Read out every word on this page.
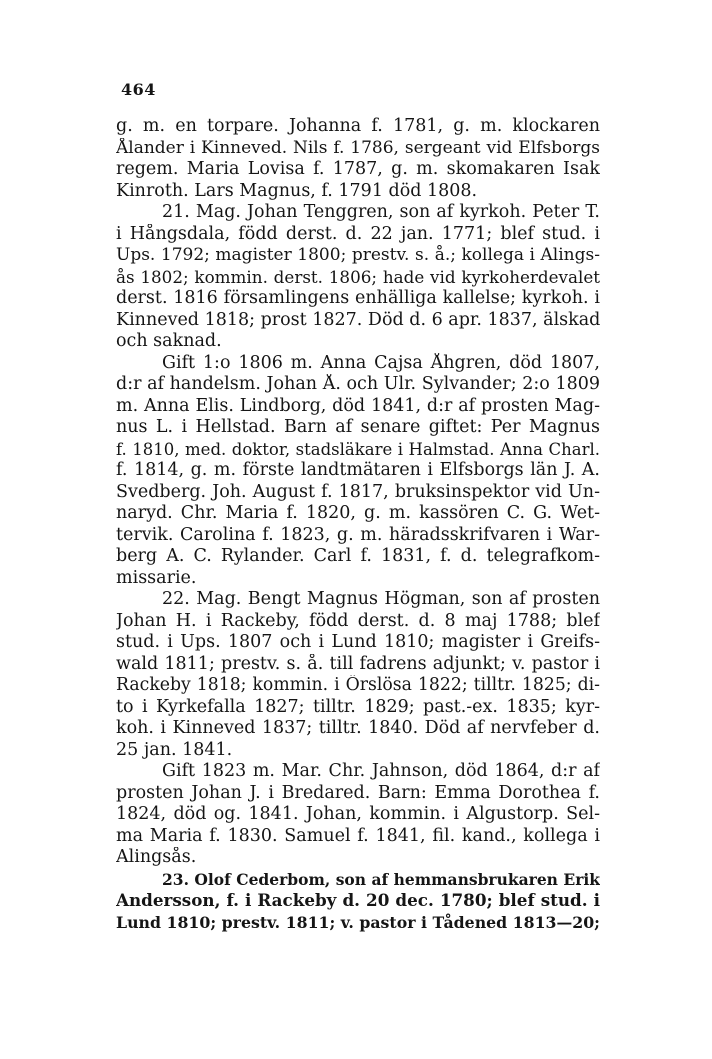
464
g. m. en torpare. Johanna f. 1781, g. m. klockaren
Ålander i Kinneved. Nils f. 1786, sergeant vid Elfsborgs
regem. Maria Lovisa f. 1787, g. m. skomakaren Isak
Kinroth. Lars Magnus, f. 1791 död 1808.
21. Mag. Johan Tenggren, son af kyrkoh. Peter T.
i Hångsdala, född derst. d. 22 jan. 1771; blef stud. i
Ups. 1792; magister 1800; prestv. s. å.; kollega i Alings-
ås 1802; kommin. derst. 1806; hade vid kyrkoherdevalet
derst. 1816 församlingens enhälliga kallelse; kyrkoh. i
Kinneved 1818; prost 1827. Död d. 6 apr. 1837, älskad
och saknad.
Gift 1:o 1806 m. Anna Cajsa Åhgren, död 1807,
d:r af handelsm. Johan Å. och Ulr. Sylvander; 2:o 1809
m. Anna Elis. Lindborg, död 1841, d:r af prosten Mag-
nus L. i Hellstad. Barn af senare giftet: Per Magnus
f. 1810, med. doktor, stadsläkare i Halmstad. Anna Charl.
f. 1814, g. m. förste landtmätaren i Elfsborgs län J. A.
Svedberg. Joh. August f. 1817, bruksinspektor vid Un-
naryd. Chr. Maria f. 1820, g. m. kassören C. G. Wet-
tervik. Carolina f. 1823, g. m. häradsskrifvaren i War-
berg A. C. Rylander. Carl f. 1831, f. d. telegrafkom-
missarie.
22. Mag. Bengt Magnus Högman, son af prosten
Johan H. i Rackeby, född derst. d. 8 maj 1788; blef
stud. i Ups. 1807 och i Lund 1810; magister i Greifs-
wald 1811; prestv. s. å. till fadrens adjunkt; v. pastor i
Rackeby 1818; kommin. i Örslösa 1822; tilltr. 1825; di-
to i Kyrkefalla 1827; tilltr. 1829; past.-ex. 1835; kyr-
koh. i Kinneved 1837; tilltr. 1840. Död af nervfeber d.
25 jan. 1841.
Gift 1823 m. Mar. Chr. Jahnson, död 1864, d:r af
prosten Johan J. i Bredared. Barn: Emma Dorothea f.
1824, död og. 1841. Johan, kommin. i Algustorp. Sel-
ma Maria f. 1830. Samuel f. 1841, fil. kand., kollega i
Alingsås.
23. Olof Cederbom, son af hemmansbrukaren Erik
Andersson, f. i Rackeby d. 20 dec. 1780; blef stud. i
Lund 1810; prestv. 1811; v. pastor i Tådened 1813—20;
